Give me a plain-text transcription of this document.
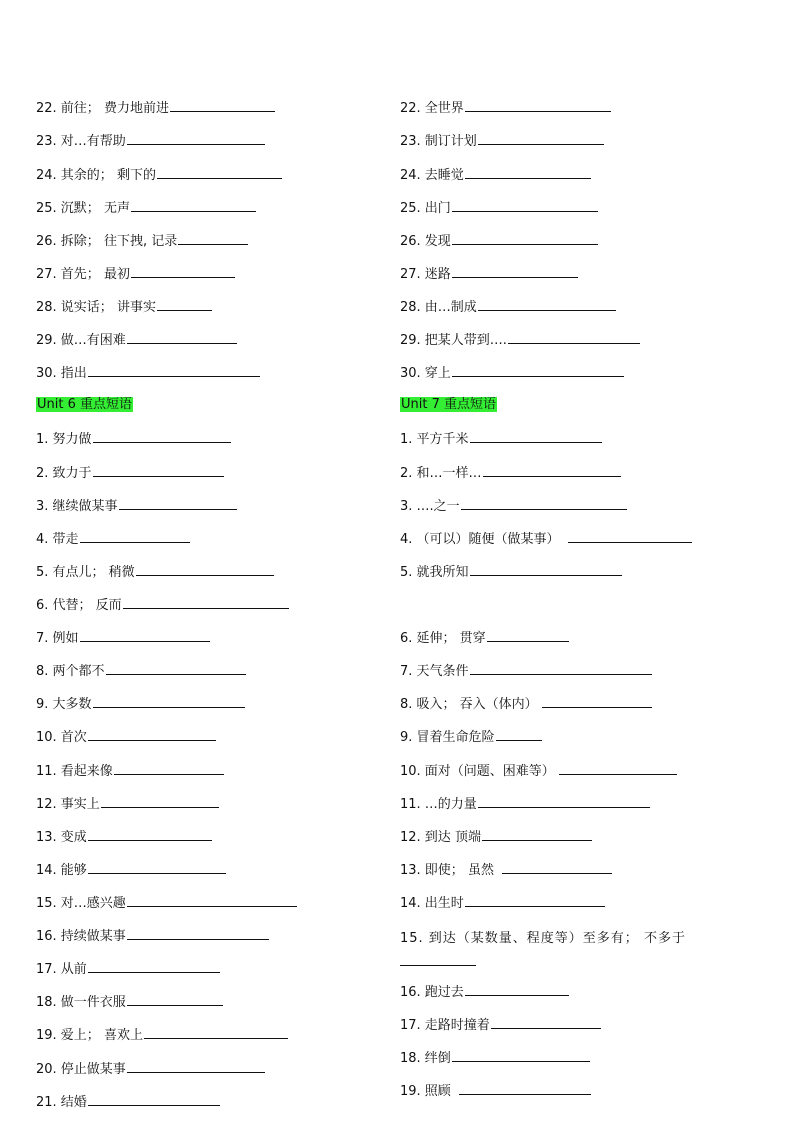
22. 前往； 费力地前进
23. 对…有帮助
24. 其余的； 剩下的
25. 沉默； 无声
26. 拆除； 往下拽, 记录
27. 首先； 最初
28. 说实话； 讲事实
29. 做…有困难
30. 指出
Unit 6 重点短语
1. 努力做
2. 致力于
3. 继续做某事
4. 带走
5. 有点儿； 稍微
6. 代替； 反而
7. 例如
8. 两个都不
9. 大多数
10. 首次
11. 看起来像
12. 事实上
13. 变成
14. 能够
15. 对…感兴趣
16. 持续做某事
17. 从前
18. 做一件衣服
19. 爱上； 喜欢上
20. 停止做某事
21. 结婚
22. 全世界
23. 制订计划
24. 去睡觉
25. 出门
26. 发现
27. 迷路
28. 由…制成
29. 把某人带到….
30. 穿上
Unit 7 重点短语
1. 平方千米
2. 和…一样…
3. ….之一
4. （可以）随便（做某事）
5. 就我所知
6. 延伸； 贯穿
7. 天气条件
8. 吸入； 吞入（体内）
9. 冒着生命危险
10. 面对（问题、困难等）
11. …的力量
12. 到达 顶端
13. 即使； 虽然
14. 出生时
15. 到达（某数量、程度等）至多有； 不多于

16. 跑过去
17. 走路时撞着
18. 绊倒
19. 照顾
